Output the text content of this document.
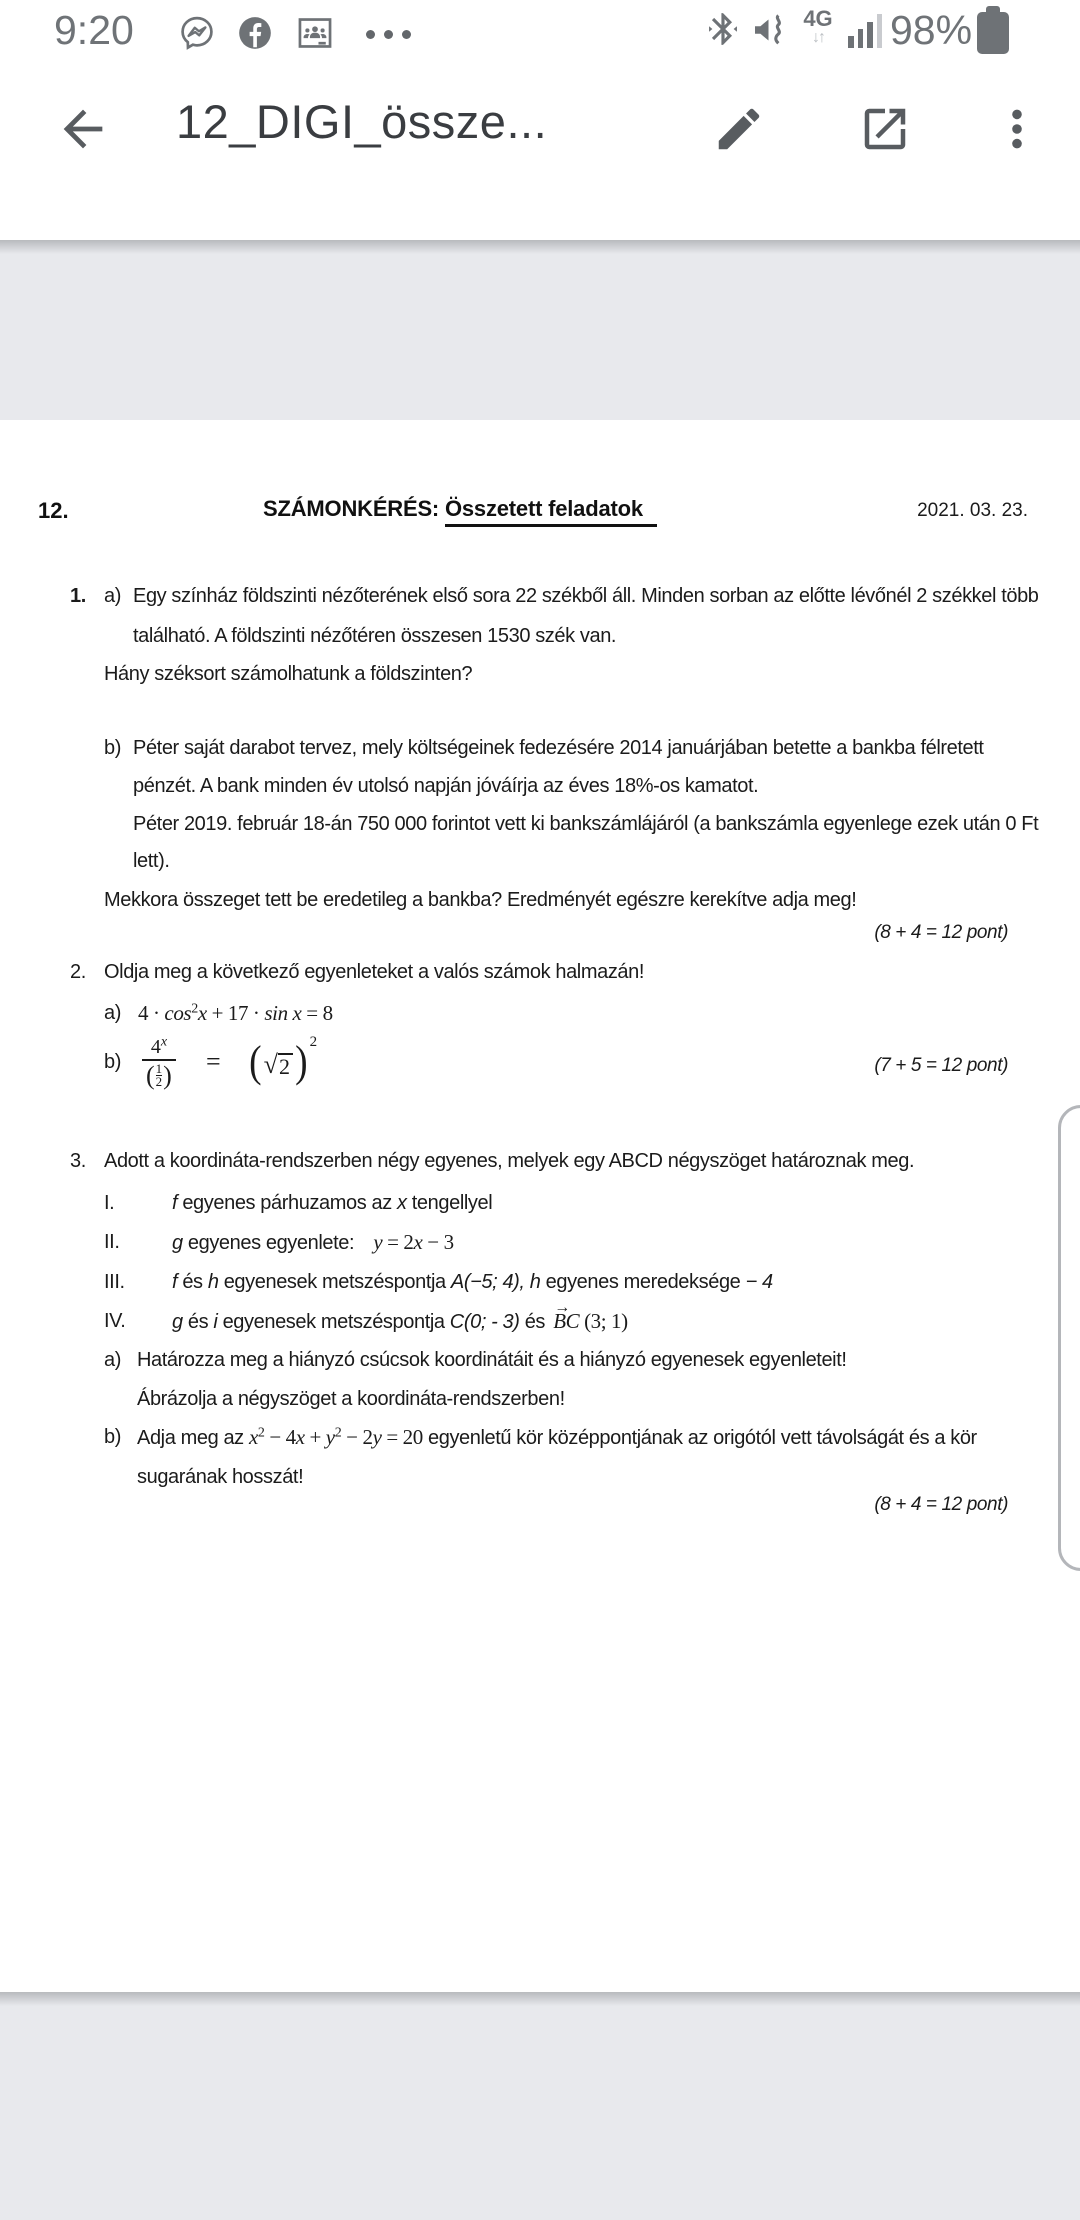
9:20	4G
↓↑	98%
12_DIGI_össze...
12.	SZÁMONKÉRÉS: Összetett feladatok	2021. 03. 23.
1. a) Egy színház földszinti nézőterének első sora 22 székből áll. Minden sorban az előtte lévőnél 2 székkel több
található. A földszinti nézőtéren összesen 1530 szék van.
Hány széksort számolhatunk a földszinten?
b) Péter saját darabot tervez, mely költségeinek fedezésére 2014 januárjában betette a bankba félretett
pénzét. A bank minden év utolsó napján jóváírja az éves 18%-os kamatot.
Péter 2019. február 18-án 750 000 forintot vett ki bankszámlájáról (a bankszámla egyenlege ezek után 0 Ft
lett).
Mekkora összeget tett be eredetileg a bankba? Eredményét egészre kerekítve adja meg!
(8 + 4 = 12 pont)
2. Oldja meg a következő egyenleteket a valós számok halmazán!
a) $4 \cdot \cos^2x + 17 \cdot \sin x = 8$
b) 4$^x$
( 1
2 ) = ( √ 2 ) 2
(7 + 5 = 12 pont)
3. Adott a koordináta-rendszerben négy egyenes, melyek egy ABCD négyszöget határoznak meg.
I.	f egyenes párhuzamos az x tengellyel
II.	g egyenes egyenlete:  y = 2x − 3
III. f és h egyenesek metszéspontja A(−5; 4), h egyenes meredeksége − 4
IV. g és i egyenesek metszéspontja C(0; - 3) és BC → (3; 1)
a) Határozza meg a hiányzó csúcsok koordinátáit és a hiányzó egyenesek egyenleteit!
Ábrázolja a négyszöget a koordináta-rendszerben!
b) Adja meg az $x^2 - 4x + y^2 - 2y = 20$ egyenletű kör középpontjának az origótól vett távolságát és a kör
sugarának hosszát!
(8 + 4 = 12 pont)
